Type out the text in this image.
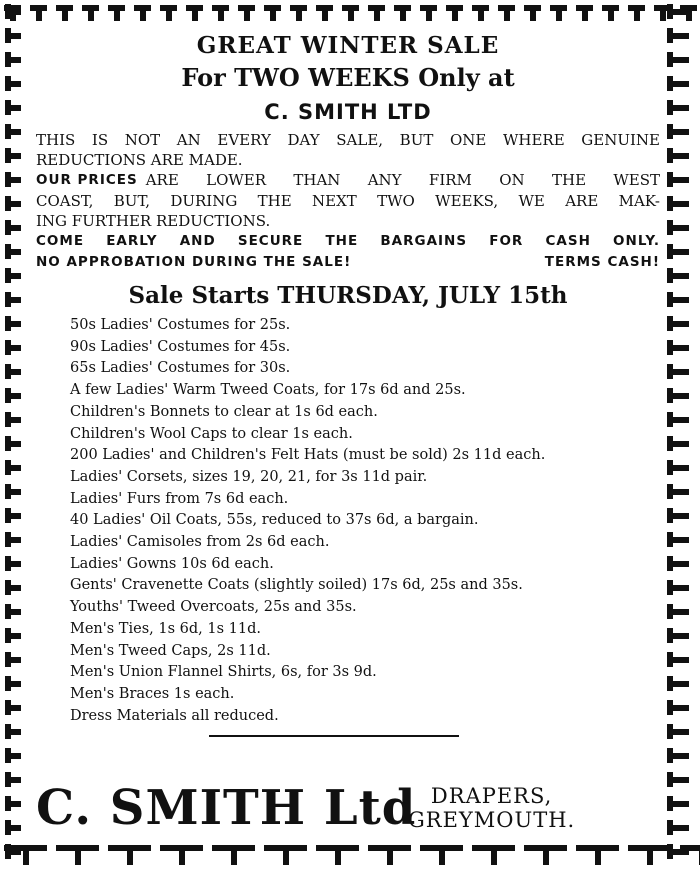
GREAT WINTER SALE
For TWO WEEKS Only at
C. SMITH LTD
THIS IS NOT AN EVERY DAY SALE, BUT ONE WHERE GENUINE
REDUCTIONS ARE MADE.
OUR PRICES ARE LOWER THAN ANY FIRM ON THE WEST
COAST, BUT, DURING THE NEXT TWO WEEKS, WE ARE MAK-
ING FURTHER REDUCTIONS.
COME EARLY AND SECURE THE BARGAINS FOR CASH ONLY.
NO APPROBATION DURING THE SALE!	TERMS CASH!
Sale Starts THURSDAY, JULY 15th
50s Ladies' Costumes for 25s.
90s Ladies' Costumes for 45s.
65s Ladies' Costumes for 30s.
A few Ladies' Warm Tweed Coats, for 17s 6d and 25s.
Children's Bonnets to clear at 1s 6d each.
Children's Wool Caps to clear 1s each.
200 Ladies' and Children's Felt Hats (must be sold) 2s 11d each.
Ladies' Corsets, sizes 19, 20, 21, for 3s 11d pair.
Ladies' Furs from 7s 6d each.
40 Ladies' Oil Coats, 55s, reduced to 37s 6d, a bargain.
Ladies' Camisoles from 2s 6d each.
Ladies' Gowns 10s 6d each.
Gents' Cravenette Coats (slightly soiled) 17s 6d, 25s and 35s.
Youths' Tweed Overcoats, 25s and 35s.
Men's Ties, 1s 6d, 1s 11d.
Men's Tweed Caps, 2s 11d.
Men's Union Flannel Shirts, 6s, for 3s 9d.
Men's Braces 1s each.
Dress Materials all reduced.
C. SMITH Ltd DRAPERS,
GREYMOUTH.
